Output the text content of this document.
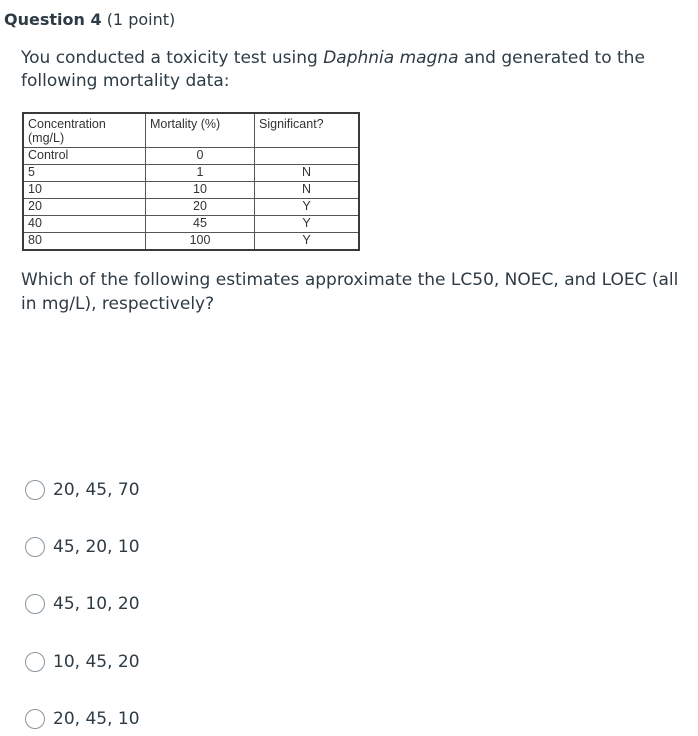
Question 4 (1 point)
You conducted a toxicity test using Daphnia magna and generated to the following mortality data:
Concentration (mg/L)	Mortality (%)	Significant?
Control	0	
5	1	N
10	10	N
20	20	Y
40	45	Y
80	100	Y
Which of the following estimates approximate the LC50, NOEC, and LOEC (all in mg/L), respectively?
20, 45, 70
45, 20, 10
45, 10, 20
10, 45, 20
20, 45, 10
